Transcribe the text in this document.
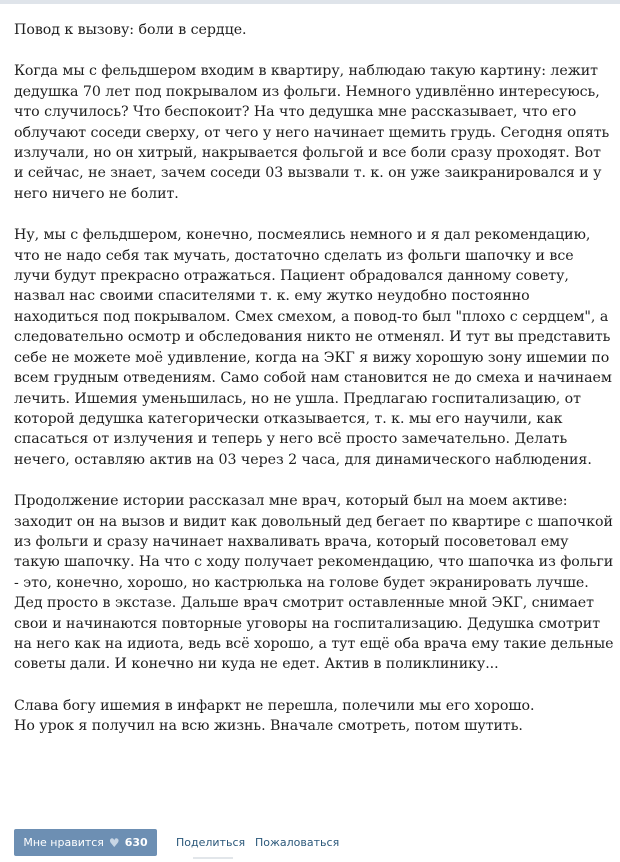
Повод к вызову: боли в сердце.

Когда мы с фельдшером входим в квартиру, наблюдаю такую картину: лежит дедушка 70 лет под покрывалом из фольги. Немного удивлённо интересуюсь, что случилось? Что беспокоит? На что дедушка мне рассказывает, что его облучают соседи сверху, от чего у него начинает щемить грудь. Сегодня опять излучали, но он хитрый, накрывается фольгой и все боли сразу проходят. Вот и сейчас, не знает, зачем соседи 03 вызвали т. к. он уже заикранировался и у него ничего не болит.

Ну, мы с фельдшером, конечно, посмеялись немного и я дал рекомендацию, что не надо себя так мучать, достаточно сделать из фольги шапочку и все лучи будут прекрасно отражаться. Пациент обрадовался данному совету, назвал нас своими спасителями т. к. ему жутко неудобно постоянно находиться под покрывалом. Смех смехом, а повод-то был "плохо с сердцем", а следовательно осмотр и обследования никто не отменял. И тут вы представить себе не можете моё удивление, когда на ЭКГ я вижу хорошую зону ишемии по всем грудным отведениям. Само собой нам становится не до смеха и начинаем лечить. Ишемия уменьшилась, но не ушла. Предлагаю госпитализацию, от которой дедушка категорически отказывается, т. к. мы его научили, как спасаться от излучения и теперь у него всё просто замечательно. Делать нечего, оставляю актив на 03 через 2 часа, для динамического наблюдения.

Продолжение истории рассказал мне врач, который был на моем активе: заходит он на вызов и видит как довольный дед бегает по квартире с шапочкой из фольги и сразу начинает нахваливать врача, который посоветовал ему такую шапочку. На что с ходу получает рекомендацию, что шапочка из фольги - это, конечно, хорошо, но кастрюлька на голове будет экранировать лучше. Дед просто в экстазе. Дальше врач смотрит оставленные мной ЭКГ, снимает свои и начинаются повторные уговоры на госпитализацию. Дедушка смотрит на него как на идиота, ведь всё хорошо, а тут ещё оба врача ему такие дельные советы дали. И конечно ни куда не едет. Актив в поликлинику...

Слава богу ишемия в инфаркт не перешла, полечили мы его хорошо.

Но урок я получил на всю жизнь. Вначале смотреть, потом шутить.

Мне нравится ♥ 630	Поделиться Пожаловаться
